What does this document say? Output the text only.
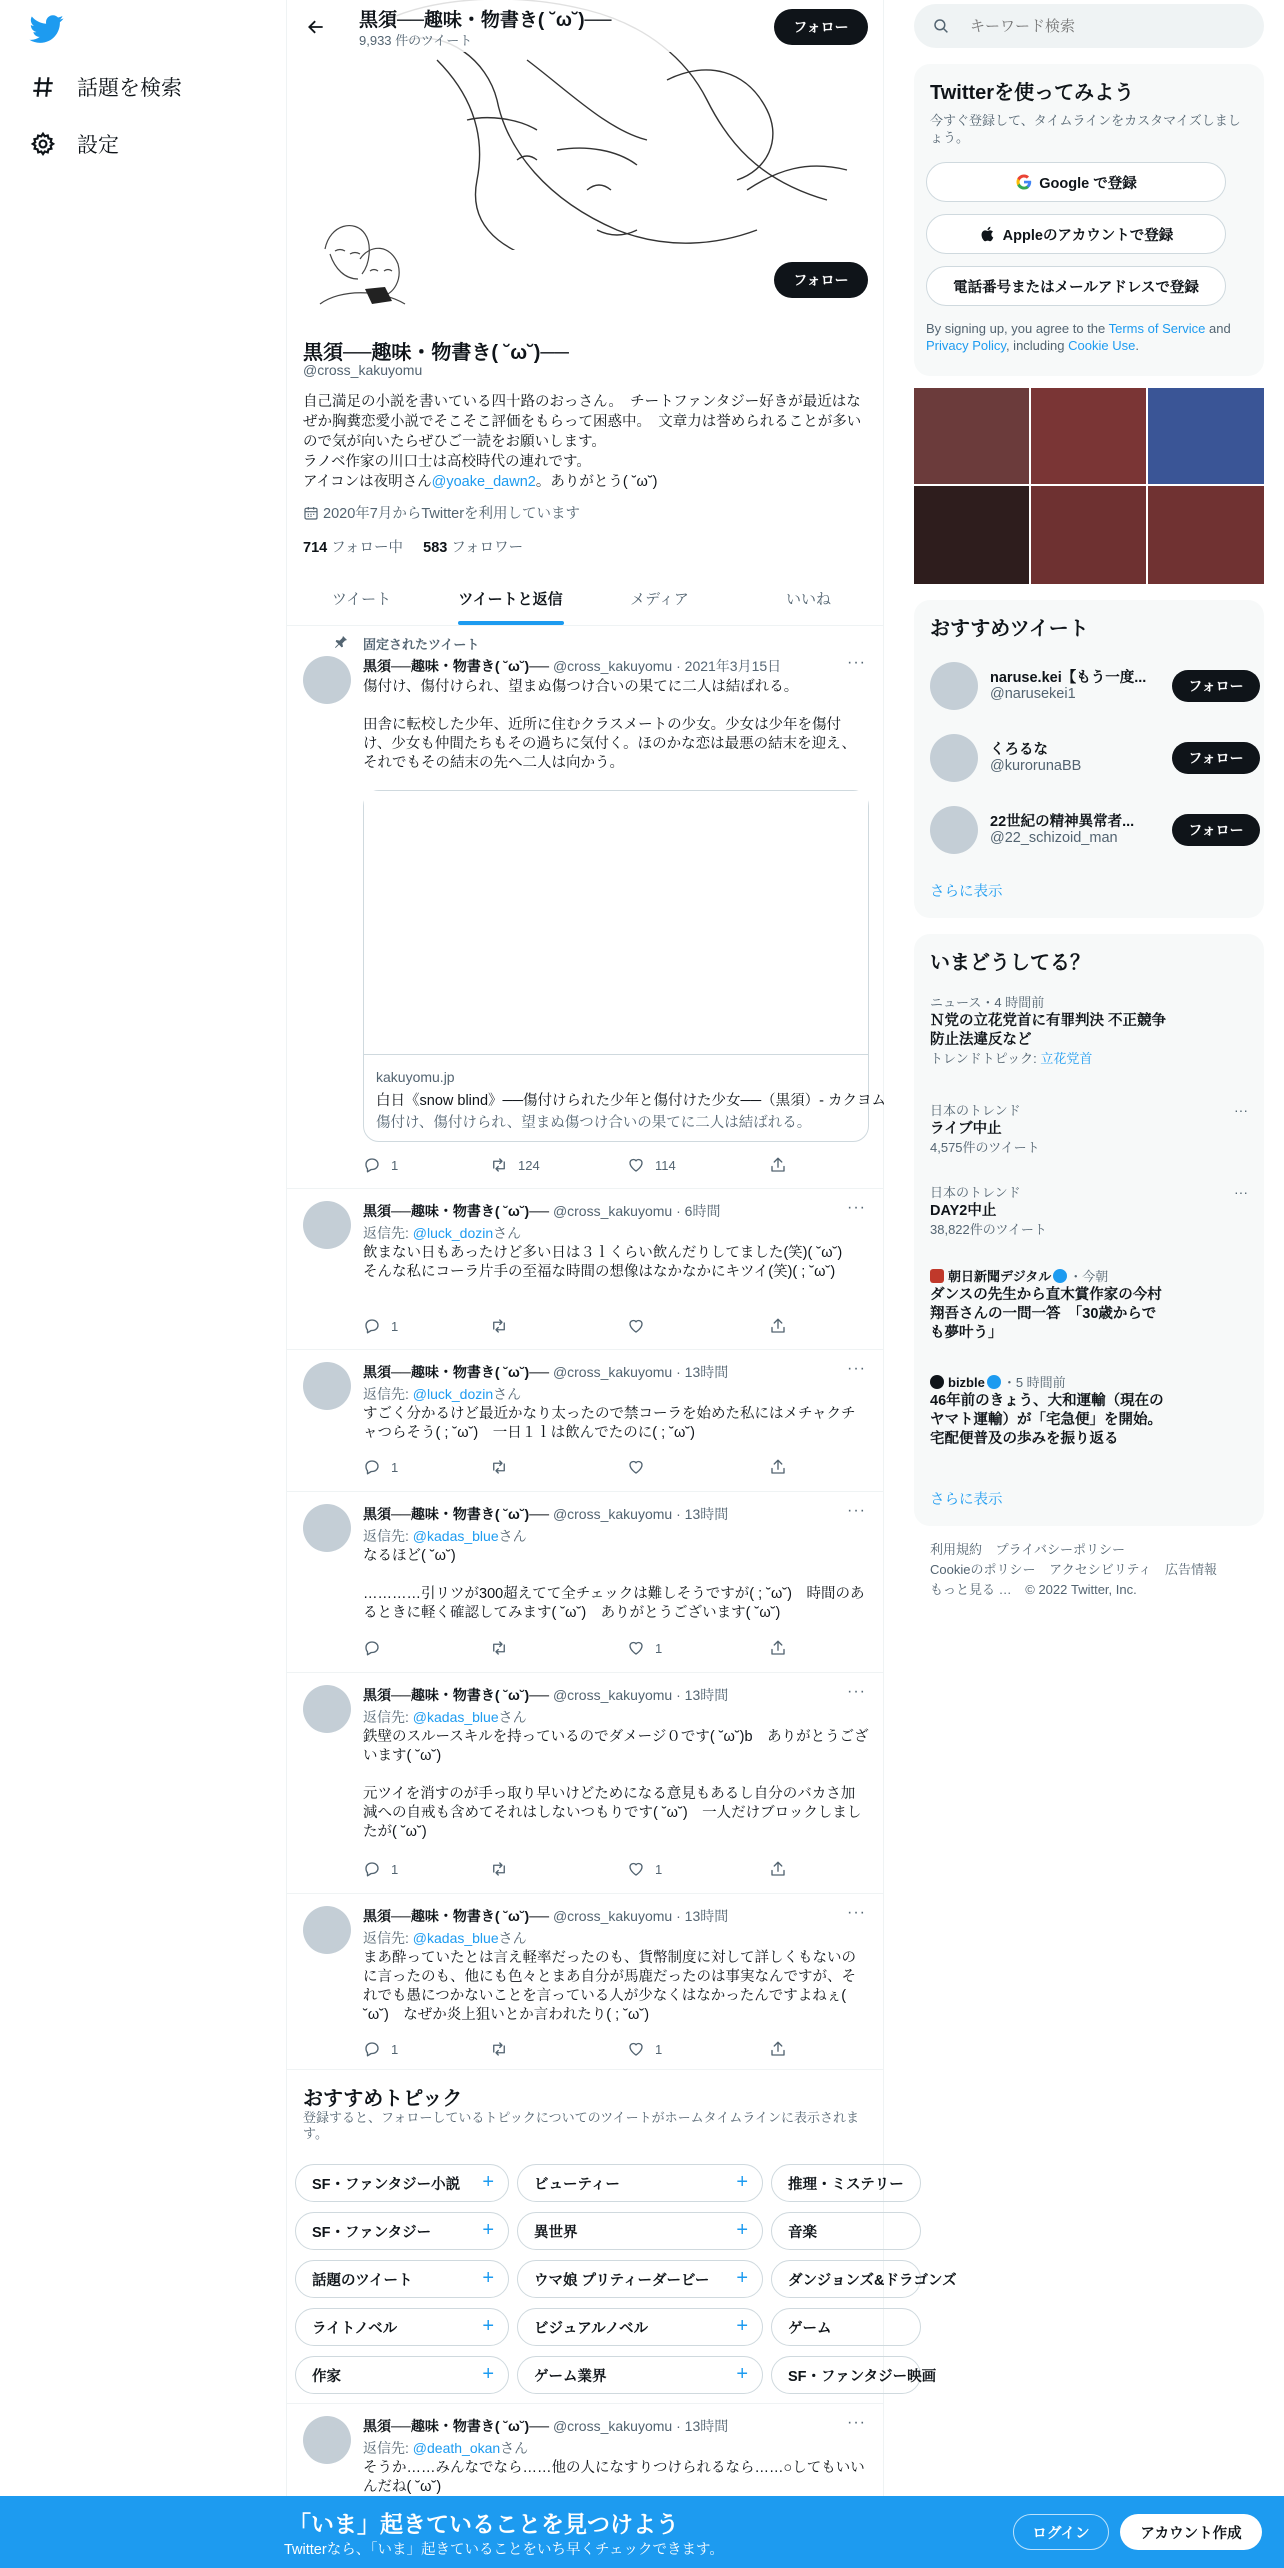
話題を検索
設定
黒須──趣味・物書き( ˘ω˘)──
9,933 件のツイート
フォロー
フォロー
黒須──趣味・物書き( ˘ω˘)──
@cross_kakuyomu
自己満足の小説を書いている四十路のおっさん。　チートファンタジー好きが最近はなぜか胸糞恋愛小説でそこそこ評価をもらって困惑中。　文章力は誉められることが多いので気が向いたらぜひご一読をお願いします。
ラノベ作家の川口士は高校時代の連れです。
アイコンは夜明さん@yoake_dawn2。ありがとう( ˘ω˘)
2020年7月からTwitterを利用しています
714 フォロー中 583 フォロワー
ツイート	ツイートと返信	メディア	いいね
固定されたツイート
黒須──趣味・物書き( ˘ω˘)── @cross_kakuyomu · 2021年3月15日	···
傷付け、傷付けられ、望まぬ傷つけ合いの果てに二人は結ばれる。

田舎に転校した少年、近所に住むクラスメートの少女。少女は少年を傷付け、少女も仲間たちもその過ちに気付く。ほのかな恋は最悪の結末を迎え、それでもその結末の先へ二人は向かう。
kakuyomu.jp
白日《snow blind》──傷付けられた少年と傷付けた少女──（黒須）‐ カクヨム
傷付け、傷付けられ、望まぬ傷つけ合いの果てに二人は結ばれる。
1	124	114
黒須──趣味・物書き( ˘ω˘)── @cross_kakuyomu · 6時間	···
返信先: @luck_dozinさん
飲まない日もあったけど多い日は３ｌくらい飲んだりしてました(笑)( ˘ω˘)　そんな私にコーラ片手の至福な時間の想像はなかなかにキツイ(笑)( ; ˘ω˘)
1
黒須──趣味・物書き( ˘ω˘)── @cross_kakuyomu · 13時間	···
返信先: @luck_dozinさん
すごく分かるけど最近かなり太ったので禁コーラを始めた私にはメチャクチャつらそう( ; ˘ω˘)　一日１ｌは飲んでたのに( ; ˘ω˘)
1
黒須──趣味・物書き( ˘ω˘)── @cross_kakuyomu · 13時間	···
返信先: @kadas_blueさん
なるほど( ˘ω˘)

…………引リツが300超えてて全チェックは難しそうですが( ; ˘ω˘)　時間のあるときに軽く確認してみます( ˘ω˘)　ありがとうございます( ˘ω˘)
1
黒須──趣味・物書き( ˘ω˘)── @cross_kakuyomu · 13時間	···
返信先: @kadas_blueさん
鉄壁のスルースキルを持っているのでダメージ０です( ˘ω˘)b　ありがとうございます( ˘ω˘)

元ツイを消すのが手っ取り早いけどためになる意見もあるし自分のバカさ加減への自戒も含めてそれはしないつもりです( ˘ω˘)　一人だけブロックしましたが( ˘ω˘)
1	1
黒須──趣味・物書き( ˘ω˘)── @cross_kakuyomu · 13時間	···
返信先: @kadas_blueさん
まあ酔っていたとは言え軽率だったのも、貨幣制度に対して詳しくもないのに言ったのも、他にも色々とまあ自分が馬鹿だったのは事実なんですが、それでも愚につかないことを言っている人が少なくはなかったんですよねぇ( ˘ω˘)　なぜか炎上狙いとか言われたり( ; ˘ω˘)
1	1
おすすめトピック
登録すると、フォローしているトピックについてのツイートがホームタイムラインに表示されます。
SF・ファンタジー小説 +	ビューティー	+	推理・ミステリー
SF・ファンタジー	+	異世界	+	音楽
話題のツイート	+	ウマ娘 プリティーダービー +	ダンジョンズ&ドラゴンズ
ライトノベル	+	ビジュアルノベル	+	ゲーム
作家	+	ゲーム業界	+	SF・ファンタジー映画
黒須──趣味・物書き( ˘ω˘)── @cross_kakuyomu · 13時間	···
返信先: @death_okanさん
そうか……みんなでなら……他の人になすりつけられるなら……○してもいいんだね( ˘ω˘)
キーワード検索
Twitterを使ってみよう
今すぐ登録して、タイムラインをカスタマイズしましょう。
Google で登録
Appleのアカウントで登録
電話番号またはメールアドレスで登録
By signing up, you agree to the Terms of Service and Privacy Policy, including Cookie Use.
おすすめツイート
naruse.kei【もう一度...
@narusekei1	フォロー
くろるな
@kurorunaBB	フォロー
22世紀の精神異常者...
@22_schizoid_man	フォロー
さらに表示
いまどうしてる？
ニュース・4 時間前
Ｎ党の立花党首に有罪判決 不正競争防止法違反など
トレンドトピック: 立花党首
···
日本のトレンド
ライブ中止
4,575件のツイート
···
日本のトレンド
DAY2中止
38,822件のツイート
朝日新聞デジタル ・今朝
ダンスの先生から直木賞作家の今村翔吾さんの一問一答　「30歳からでも夢叶う」
bizble ・5 時間前
46年前のきょう、大和運輸（現在のヤマト運輸）が「宅急便」を開始。宅配便普及の歩みを振り返る
さらに表示
利用規約 プライバシーポリシー
Cookieのポリシー アクセシビリティ 広告情報
もっと見る … © 2022 Twitter, Inc.
「いま」起きていることを見つけよう
Twitterなら、「いま」起きていることをいち早くチェックできます。
ログイン	アカウント作成
